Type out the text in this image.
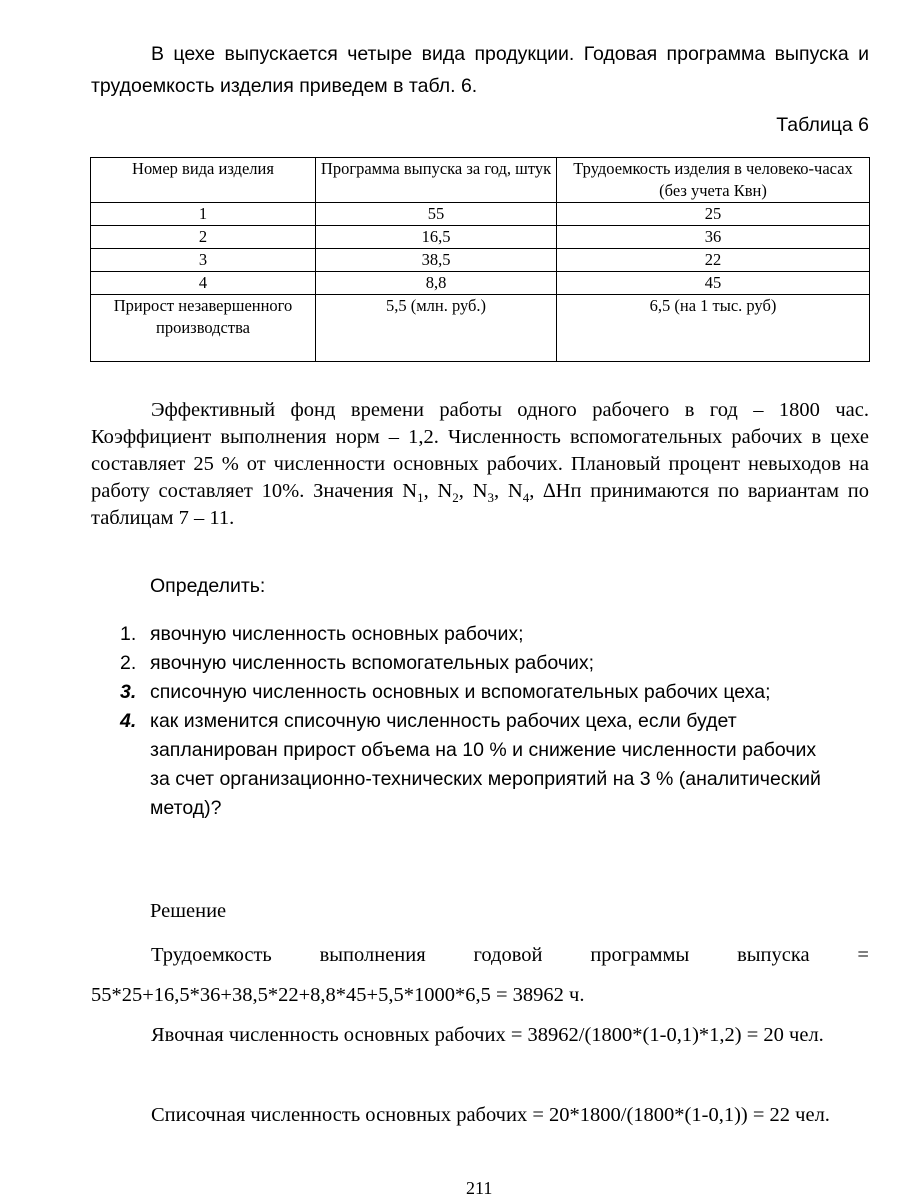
В цехе выпускается четыре вида продукции. Годовая программа выпуска и трудоемкость изделия приведем в табл. 6.

Таблица 6

Номер вида изделия	Программа выпуска за год, штук	Трудоемкость изделия в человеко-часах (без учета Квн)
1	55	25
2	16,5	36
3	38,5	22
4	8,8	45
Прирост незавершенного производства	5,5 (млн. руб.)	6,5 (на 1 тыс. руб)

Эффективный фонд времени работы одного рабочего в год – 1800 час. Коэффициент выполнения норм – 1,2. Численность вспомогательных рабочих в цехе составляет 25 % от численности основных рабочих. Плановый процент невыходов на работу составляет 10%. Значения $N_1$, $N_2$, $N_3$, $N_4$, ∆Нп принимаются по вариантам по таблицам 7 – 11.

Определить:

1. явочную численность основных рабочих;
2. явочную численность вспомогательных рабочих;
3. списочную численность основных и вспомогательных рабочих цеха;
4. как изменится списочную численность рабочих цеха, если будет запланирован прирост объема на 10 % и снижение численности рабочих за счет организационно-технических мероприятий на 3 % (аналитический метод)?

Решение

Трудоемкость выполнения годовой программы выпуска = 55*25+16,5*36+38,5*22+8,8*45+5,5*1000*6,5 = 38962 ч.

Явочная численность основных рабочих = 38962/(1800*(1-0,1)*1,2) = 20 чел.

Списочная численность основных рабочих = 20*1800/(1800*(1-0,1)) = 22 чел.

211
